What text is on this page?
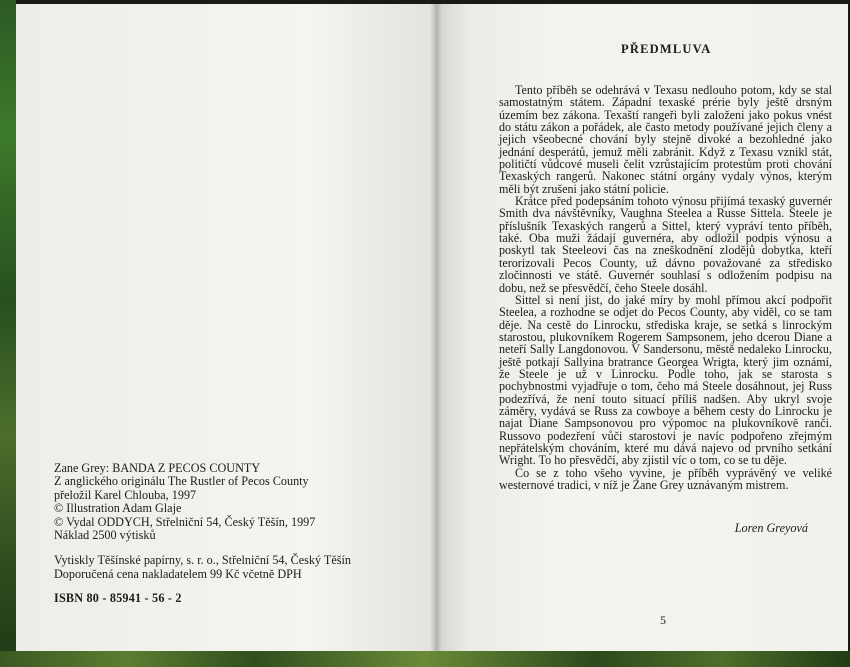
Zane Grey: BANDA Z PECOS COUNTY
Z anglického originálu The Rustler of Pecos County
přeložil Karel Chlouba, 1997
© Illustration Adam Glaje
© Vydal ODDYCH, Střelniční 54, Český Těšín, 1997
Náklad 2500 výtisků
Vytiskly Těšínské papírny, s. r. o., Střelniční 54, Český Těšín
Doporučená cena nakladatelem 99 Kč včetně DPH
ISBN 80 - 85941 - 56 - 2
PŘEDMLUVA

Tento příběh se odehrává v Texasu nedlouho potom, kdy se stal samostatným státem. Západní texaské prérie byly ještě drsným územím bez zákona. Texaští rangeři byli založeni jako pokus vnést do státu zákon a pořádek, ale často metody používané jejich členy a jejich všeobecné chování byly stejně divoké a bezohledné jako jednání desperátů, jemuž měli zabránit. Když z Texasu vznikl stát, političtí vůdcové museli čelit vzrůstajícím protestům proti chování Texaských rangerů. Nakonec státní orgány vydaly výnos, kterým měli být zrušeni jako státní policie.

Krátce před podepsáním tohoto výnosu přijímá texaský guvernér Smith dva návštěvníky, Vaughna Steelea a Russe Sittela. Steele je příslušník Texaských rangerů a Sittel, který vypráví tento příběh, také. Oba muži žádají guvernéra, aby odložil podpis výnosu a poskytl tak Steeleovi čas na zneškodnění zlodějů dobytka, kteří terorizovali Pecos County, už dávno považované za středisko zločinnosti ve státě. Guvernér souhlasí s odložením podpisu na dobu, než se přesvědčí, čeho Steele dosáhl.

Sittel si není jist, do jaké míry by mohl přímou akcí podpořit Steelea, a rozhodne se odjet do Pecos County, aby viděl, co se tam děje. Na cestě do Linrocku, střediska kraje, se setká s linrockým starostou, plukovníkem Rogerem Sampsonem, jeho dcerou Diane a neteří Sally Langdonovou. V Sandersonu, městě nedaleko Linrocku, ještě potkají Sallyina bratrance Georgea Wrigta, který jim oznámí, že Steele je už v Linrocku. Podle toho, jak se starosta s pochybnostmi vyjadřuje o tom, čeho má Steele dosáhnout, jej Russ podezřívá, že není touto situací příliš nadšen. Aby ukryl svoje záměry, vydává se Russ za cowboye a během cesty do Linrocku je najat Diane Sampsonovou pro výpomoc na plukovníkově ranči. Russovo podezření vůči starostovi je navíc podpořeno zřejmým nepřátelským chováním, které mu dává najevo od prvního setkání Wright. To ho přesvědčí, aby zjistil víc o tom, co se tu děje.

Co se z toho všeho vyvine, je příběh vyprávěný ve veliké westernové tradici, v níž je Zane Grey uznávaným mistrem.

Loren Greyová
5
